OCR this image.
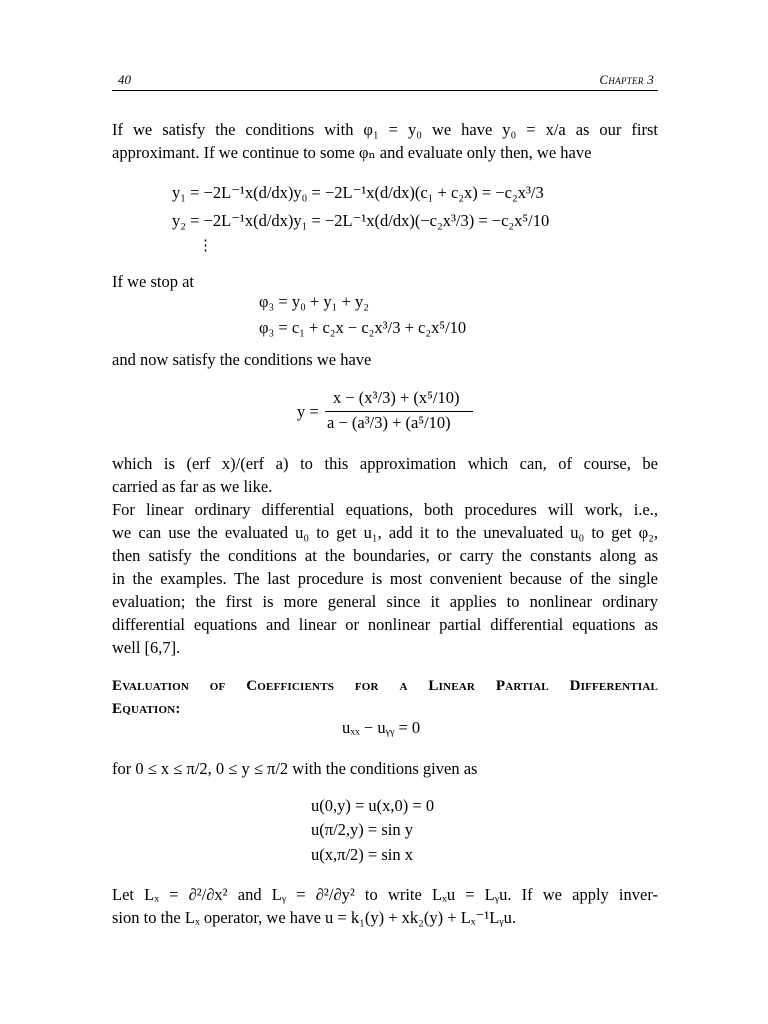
40	Chapter 3
If we satisfy the conditions with φ₁ = y₀ we have y₀ = x/a as our first
approximant. If we continue to some φₙ and evaluate only then, we have
y₁ = −2L⁻¹x(d/dx)y₀ = −2L⁻¹x(d/dx)(c₁ + c₂x) = −c₂x³/3
y₂ = −2L⁻¹x(d/dx)y₁ = −2L⁻¹x(d/dx)(−c₂x³/3) = −c₂x⁵/10
⋮
If we stop at
φ₃ = y₀ + y₁ + y₂
φ₃ = c₁ + c₂x − c₂x³/3 + c₂x⁵/10
and now satisfy the conditions we have
y =
x − (x³/3) + (x⁵/10)
a − (a³/3) + (a⁵/10)
which is (erf x)/(erf a) to this approximation which can, of course, be
carried as far as we like.
For linear ordinary differential equations, both procedures will work, i.e.,
we can use the evaluated u₀ to get u₁, add it to the unevaluated u₀ to get φ₂,
then satisfy the conditions at the boundaries, or carry the constants along as
in the examples. The last procedure is most convenient because of the single
evaluation; the first is more general since it applies to nonlinear ordinary
differential equations and linear or nonlinear partial differential equations as
well [6,7].
Evaluation of Coefficients for a Linear Partial Differential
Equation:
uₓₓ − uᵧᵧ = 0
for 0 ≤ x ≤ π/2, 0 ≤ y ≤ π/2 with the conditions given as
u(0,y) = u(x,0) = 0
u(π/2,y) = sin y
u(x,π/2) = sin x
Let Lₓ = ∂²/∂x² and Lᵧ = ∂²/∂y² to write Lₓu = Lᵧu. If we apply inver-
sion to the Lₓ operator, we have u = k₁(y) + xk₂(y) + Lₓ⁻¹Lᵧu.
